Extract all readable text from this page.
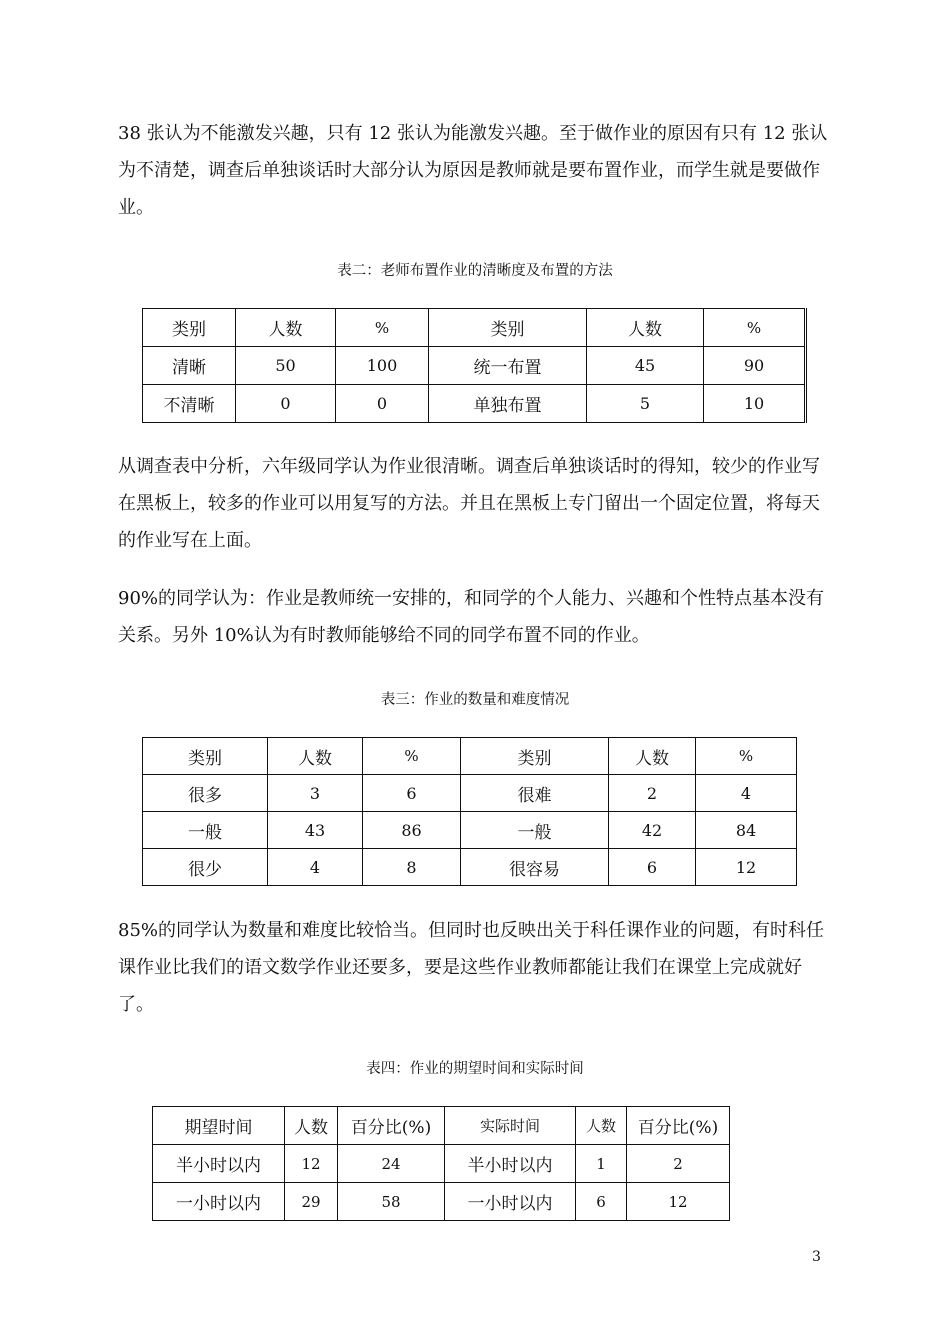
38 张认为不能激发兴趣，只有 12 张认为能激发兴趣。至于做作业的原因有只有 12 张认为不清楚，调查后单独谈话时大部分认为原因是教师就是要布置作业，而学生就是要做作业。

表二：老师布置作业的清晰度及布置的方法

类别	人数	%	类别	人数	%
清晰	50	100	统一布置	45	90
不清晰	0	0	单独布置	5	10

从调查表中分析，六年级同学认为作业很清晰。调查后单独谈话时的得知，较少的作业写在黑板上，较多的作业可以用复写的方法。并且在黑板上专门留出一个固定位置，将每天的作业写在上面。

90%的同学认为：作业是教师统一安排的，和同学的个人能力、兴趣和个性特点基本没有关系。另外 10%认为有时教师能够给不同的同学布置不同的作业。

表三：作业的数量和难度情况

类别	人数	%	类别	人数	%
很多	3	6	很难	2	4
一般	43	86	一般	42	84
很少	4	8	很容易	6	12

85%的同学认为数量和难度比较恰当。但同时也反映出关于科任课作业的问题，有时科任课作业比我们的语文数学作业还要多，要是这些作业教师都能让我们在课堂上完成就好了。

表四：作业的期望时间和实际时间

期望时间	人数	百分比(%)	实际时间	人数	百分比(%)
半小时以内	12	24	半小时以内	1	2
一小时以内	29	58	一小时以内	6	12
3
